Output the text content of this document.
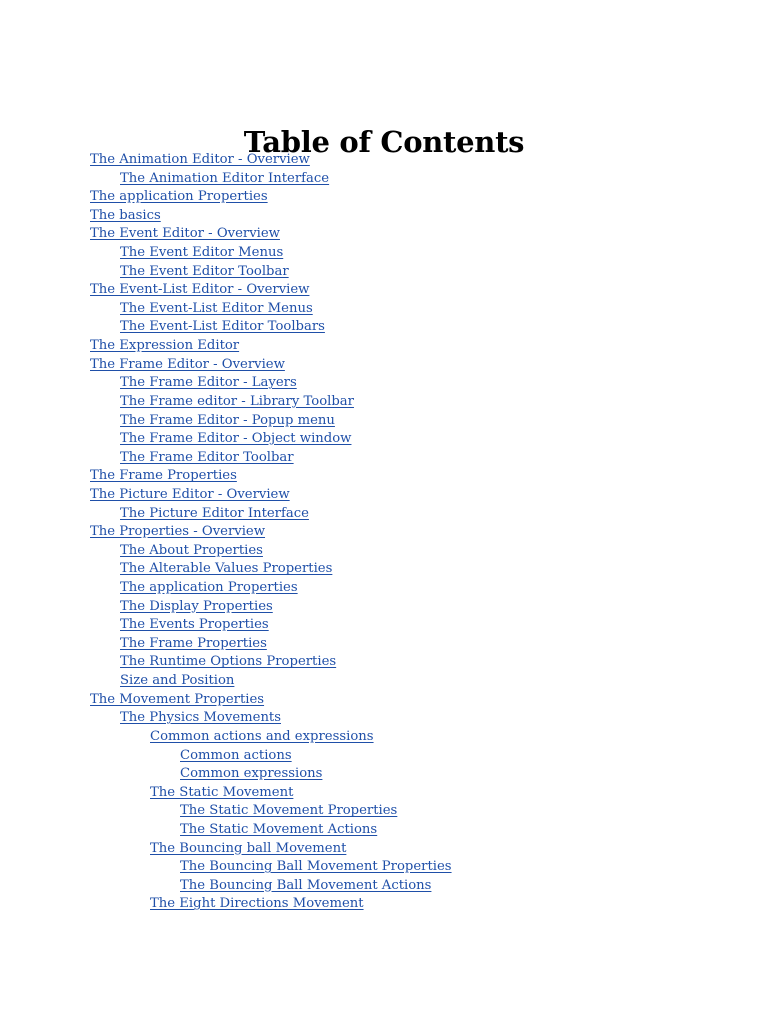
Table of Contents
The Animation Editor - Overview
The Animation Editor Interface
The application Properties
The basics
The Event Editor - Overview
The Event Editor Menus
The Event Editor Toolbar
The Event-List Editor - Overview
The Event-List Editor Menus
The Event-List Editor Toolbars
The Expression Editor
The Frame Editor - Overview
The Frame Editor - Layers
The Frame editor - Library Toolbar
The Frame Editor - Popup menu
The Frame Editor - Object window
The Frame Editor Toolbar
The Frame Properties
The Picture Editor - Overview
The Picture Editor Interface
The Properties - Overview
The About Properties
The Alterable Values Properties
The application Properties
The Display Properties
The Events Properties
The Frame Properties
The Runtime Options Properties
Size and Position
The Movement Properties
The Physics Movements
Common actions and expressions
Common actions
Common expressions
The Static Movement
The Static Movement Properties
The Static Movement Actions
The Bouncing ball Movement
The Bouncing Ball Movement Properties
The Bouncing Ball Movement Actions
The Eight Directions Movement
